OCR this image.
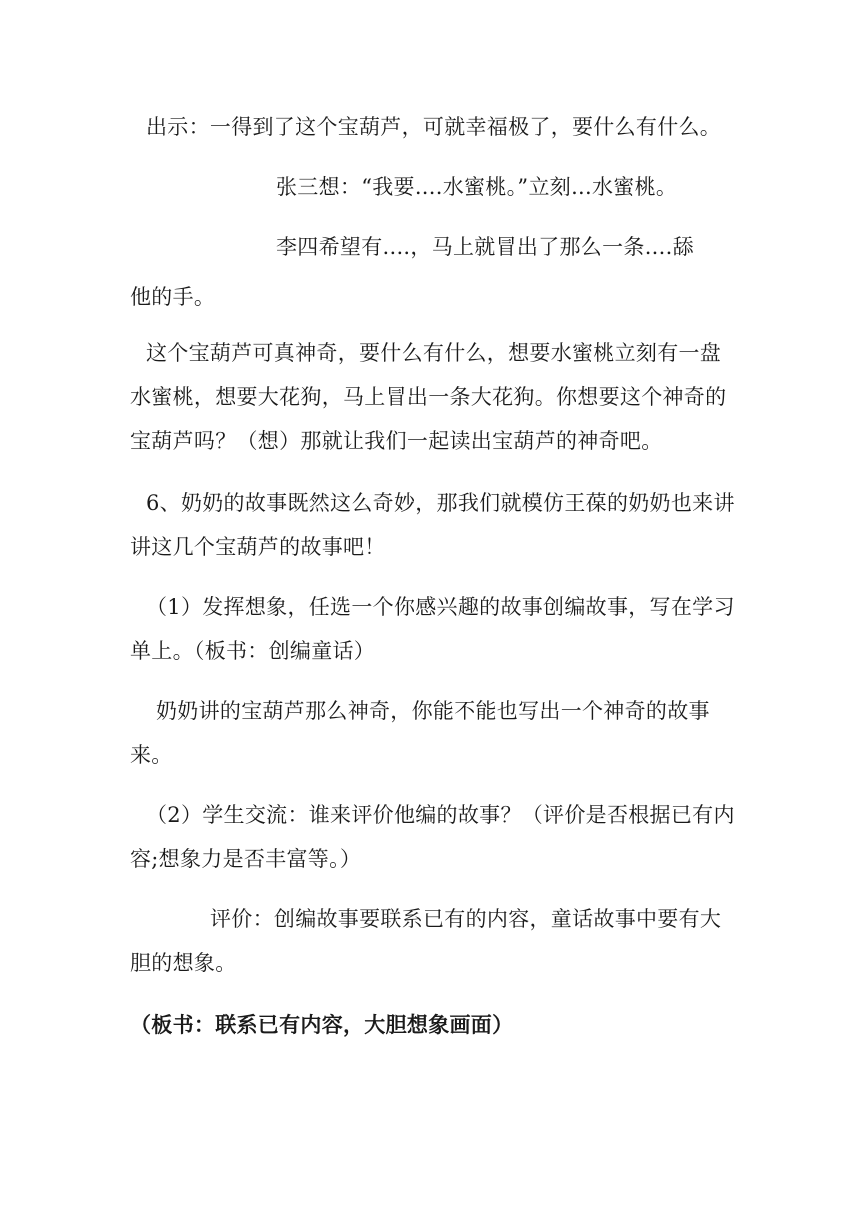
出示：一得到了这个宝葫芦，可就幸福极了，要什么有什么。
张三想：“我要....水蜜桃。”立刻...水蜜桃。
李四希望有....，马上就冒出了那么一条....舔
他的手。
这个宝葫芦可真神奇，要什么有什么，想要水蜜桃立刻有一盘
水蜜桃，想要大花狗，马上冒出一条大花狗。你想要这个神奇的
宝葫芦吗？（想）那就让我们一起读出宝葫芦的神奇吧。
6、奶奶的故事既然这么奇妙，那我们就模仿王葆的奶奶也来讲
讲这几个宝葫芦的故事吧！
（1）发挥想象，任选一个你感兴趣的故事创编故事，写在学习
单上。（板书：创编童话）
奶奶讲的宝葫芦那么神奇，你能不能也写出一个神奇的故事
来。
（2）学生交流：谁来评价他编的故事？（评价是否根据已有内
容;想象力是否丰富等。）
评价：创编故事要联系已有的内容，童话故事中要有大
胆的想象。
（板书：联系已有内容，大胆想象画面）
